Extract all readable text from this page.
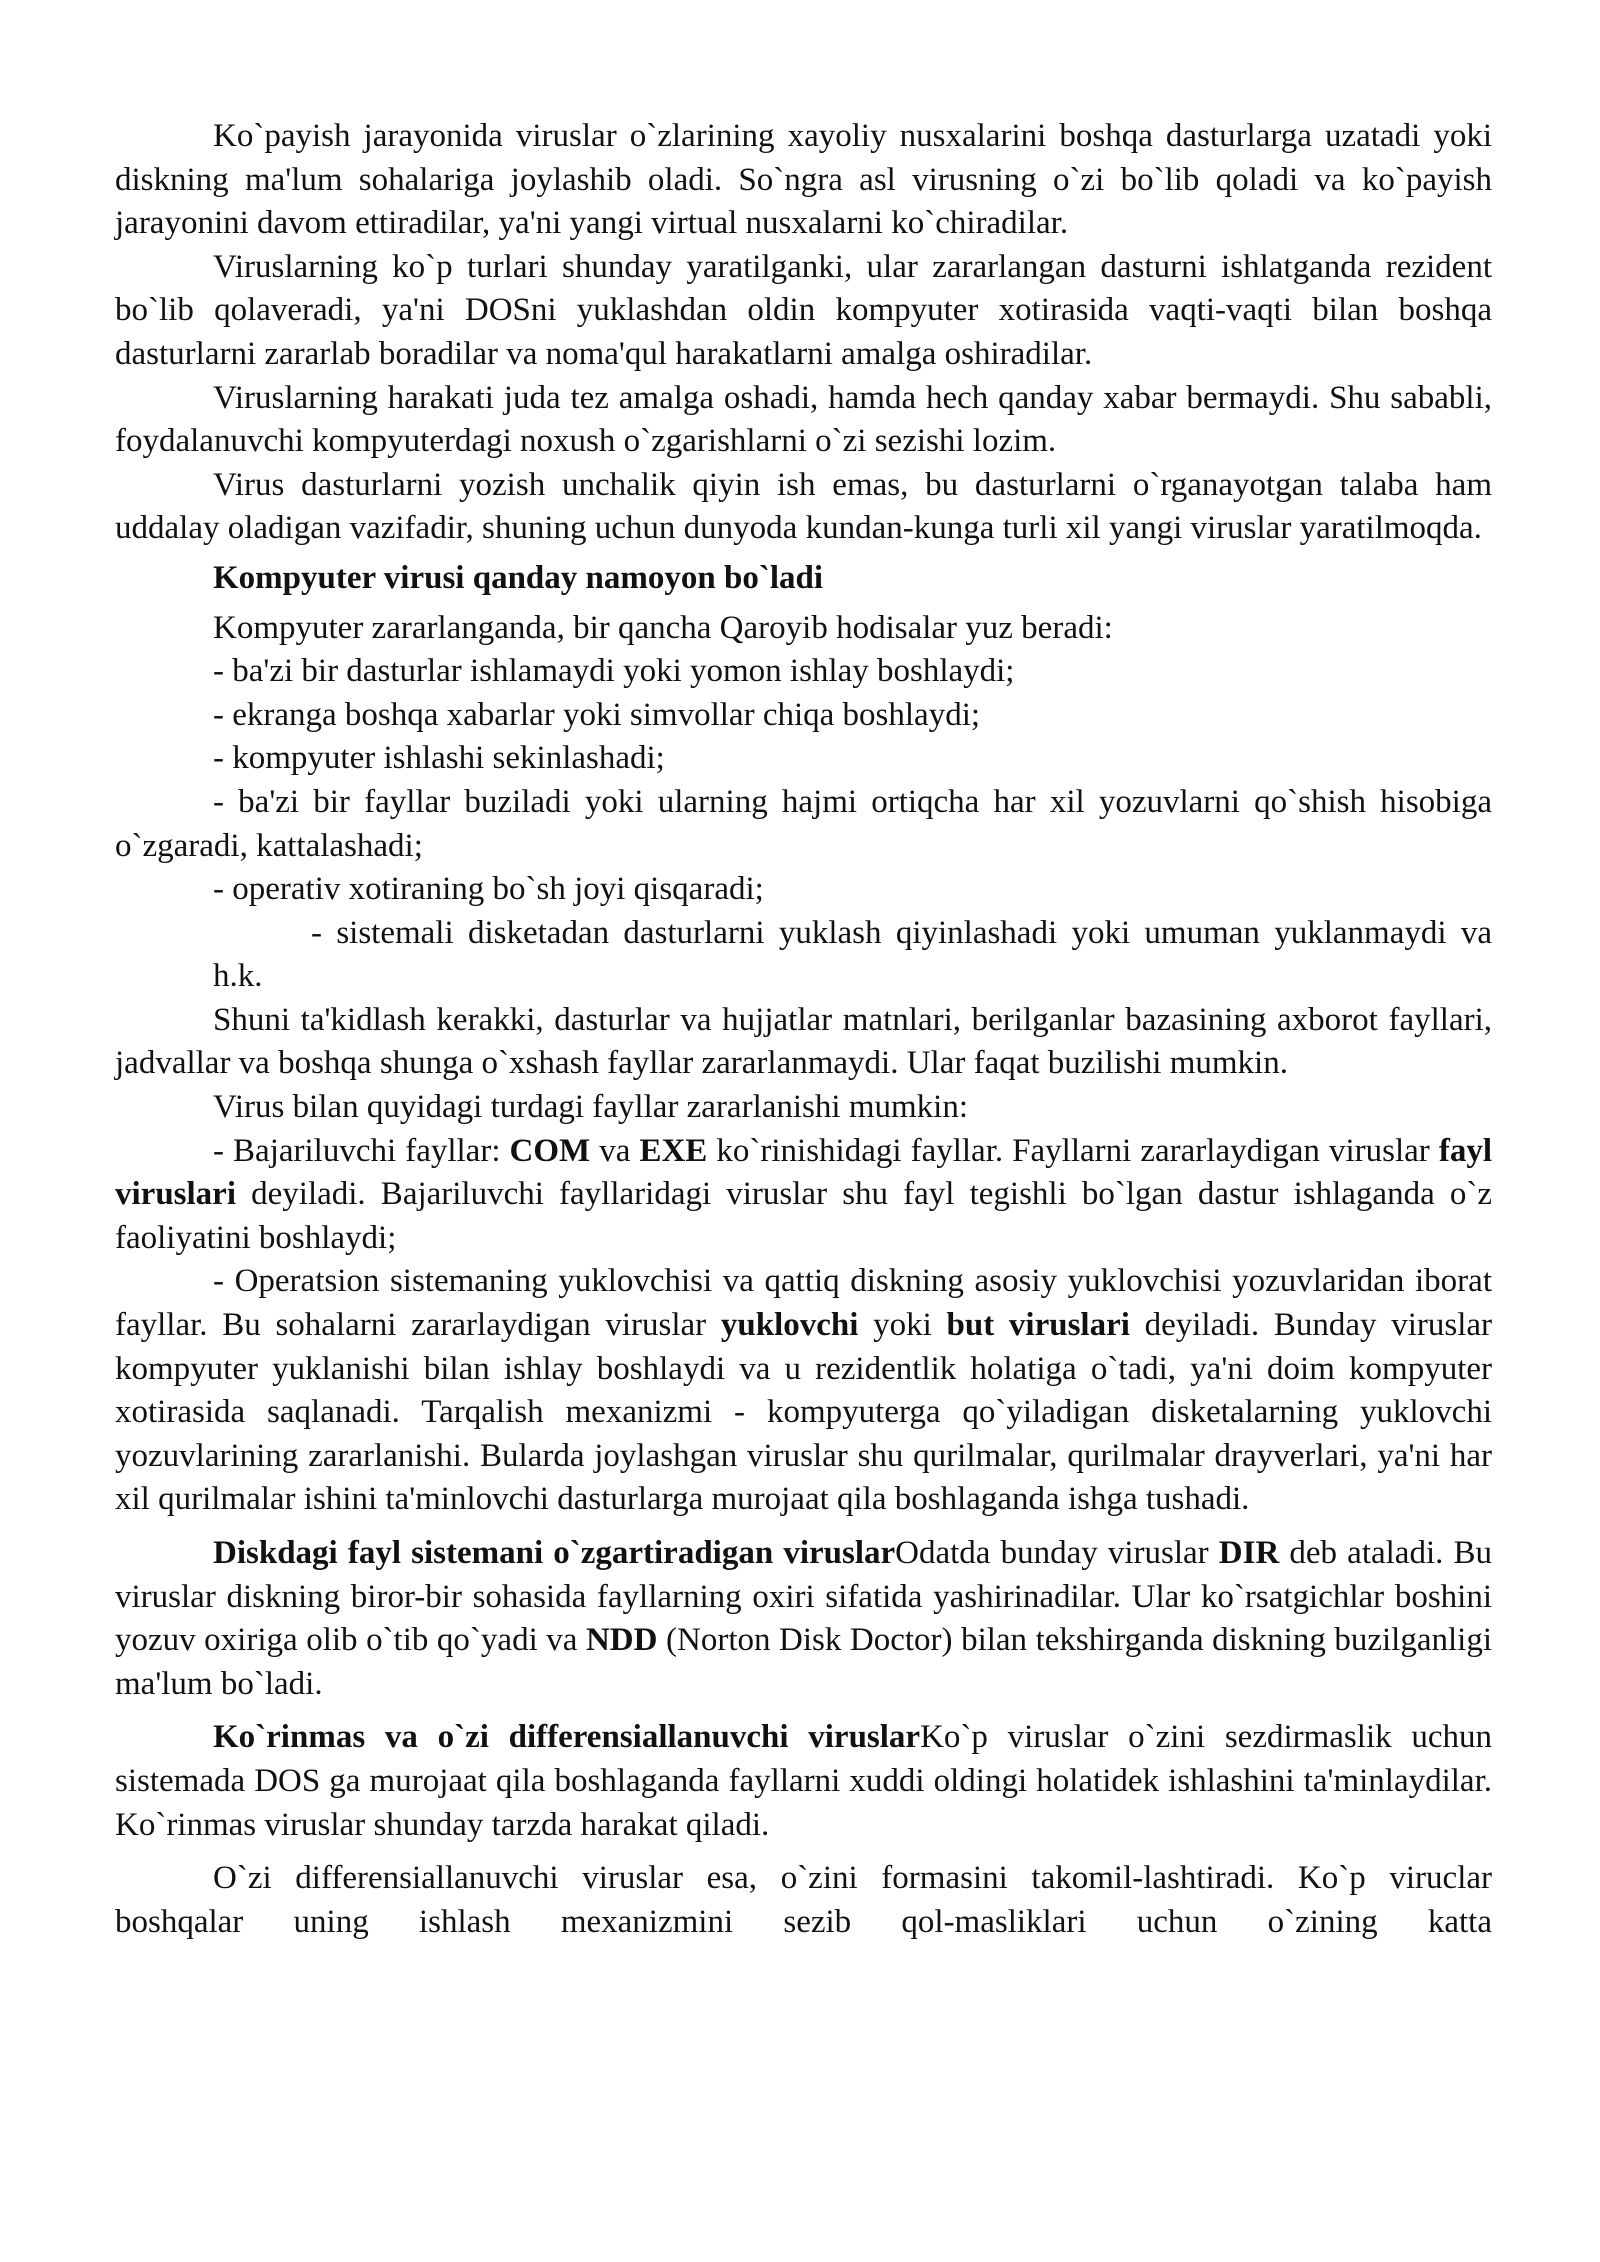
Ko`payish jarayonida viruslar o`zlarining xayoliy nusxalarini boshqa dasturlarga uzatadi yoki diskning ma'lum sohalariga joylashib oladi. So`ngra asl virusning o`zi bo`lib qoladi va ko`payish jarayonini davom ettiradilar, ya'ni yangi virtual nusxalarni ko`chiradilar.

Viruslarning ko`p turlari shunday yaratilganki, ular zararlangan dasturni ishlatganda rezident bo`lib qolaveradi, ya'ni DOSni yuklashdan oldin kompyuter xotirasida vaqti-vaqti bilan boshqa dasturlarni zararlab boradilar va noma'qul harakatlarni amalga oshiradilar.

Viruslarning harakati juda tez amalga oshadi, hamda hech qanday xabar bermaydi. Shu sababli, foydalanuvchi kompyuterdagi noxush o`zgarishlarni o`zi sezishi lozim.

Virus dasturlarni yozish unchalik qiyin ish emas, bu dasturlarni o`rganayotgan talaba ham uddalay oladigan vazifadir, shuning uchun dunyoda kundan-kunga turli xil yangi viruslar yaratilmoqda.

Kompyuter virusi qanday namoyon bo`ladi

Kompyuter zararlanganda, bir qancha Qaroyib hodisalar yuz beradi:

- ba'zi bir dasturlar ishlamaydi yoki yomon ishlay boshlaydi;

- ekranga boshqa xabarlar yoki simvollar chiqa boshlaydi;

- kompyuter ishlashi sekinlashadi;

- ba'zi bir fayllar buziladi yoki ularning hajmi ortiqcha har xil yozuvlarni qo`shish hisobiga o`zgaradi, kattalashadi;

- operativ xotiraning bo`sh joyi qisqaradi;

- sistemali disketadan dasturlarni yuklash qiyinlashadi yoki umuman yuklanmaydi va h.k.

Shuni ta'kidlash kerakki, dasturlar va hujjatlar matnlari, berilganlar bazasining axborot fayllari, jadvallar va boshqa shunga o`xshash fayllar zararlanmaydi. Ular faqat buzilishi mumkin.

Virus bilan quyidagi turdagi fayllar zararlanishi mumkin:

- Bajariluvchi fayllar: COM va EXE ko`rinishidagi fayllar. Fayllarni zararlaydigan viruslar fayl viruslari deyiladi. Bajariluvchi fayllaridagi viruslar shu fayl tegishli bo`lgan dastur ishlaganda o`z faoliyatini boshlaydi;

- Operatsion sistemaning yuklovchisi va qattiq diskning asosiy yuklovchisi yozuvlaridan iborat fayllar. Bu sohalarni zararlaydigan viruslar yuklovchi yoki but viruslari deyiladi. Bunday viruslar kompyuter yuklanishi bilan ishlay boshlaydi va u rezidentlik holatiga o`tadi, ya'ni doim kompyuter xotirasida saqlanadi. Tarqalish mexanizmi - kompyuterga qo`yiladigan disketalarning yuklovchi yozuvlarining zararlanishi. Bularda joylashgan viruslar shu qurilmalar, qurilmalar drayverlari, ya'ni har xil qurilmalar ishini ta'minlovchi dasturlarga murojaat qila boshlaganda ishga tushadi.

Diskdagi fayl sistemani o`zgartiradigan viruslarOdatda bunday viruslar DIR deb ataladi. Bu viruslar diskning biror-bir sohasida fayllarning oxiri sifatida yashirinadilar. Ular ko`rsatgichlar boshini yozuv oxiriga olib o`tib qo`yadi va NDD (Norton Disk Doctor) bilan tekshirganda diskning buzilganligi ma'lum bo`ladi.

Ko`rinmas va o`zi differensiallanuvchi viruslarKo`p viruslar o`zini sezdirmaslik uchun sistemada DOS ga murojaat qila boshlaganda fayllarni xuddi oldingi holatidek ishlashini ta'minlaydilar. Ko`rinmas viruslar shunday tarzda harakat qiladi.

O`zi differensiallanuvchi viruslar esa, o`zini formasini takomil-lashtiradi. Ko`p viruclar boshqalar uning ishlash mexanizmini sezib qol-masliklari uchun o`zining katta
